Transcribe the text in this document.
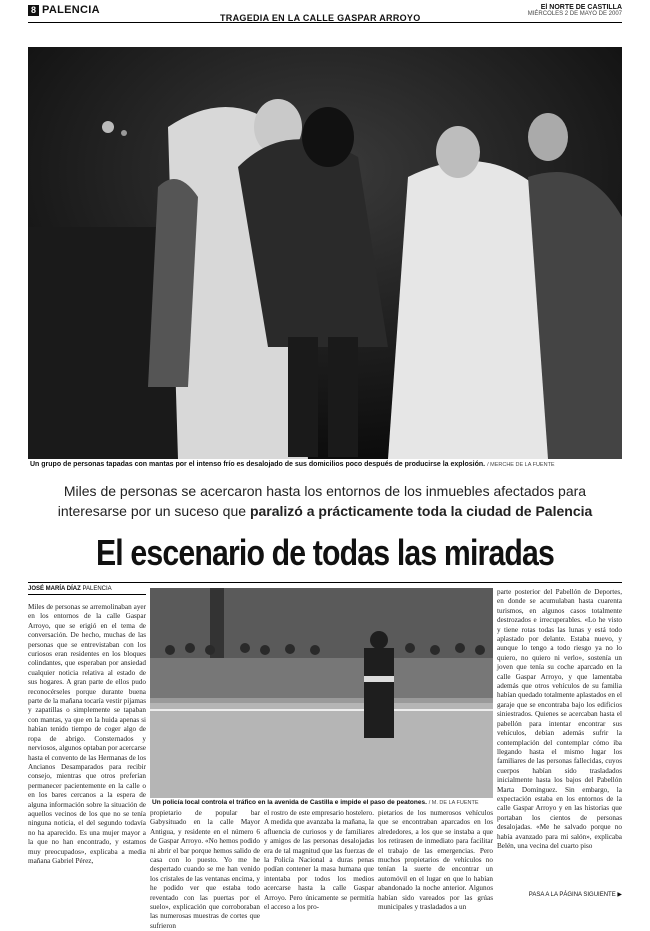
8 PALENCIA
TRAGEDIA EN LA CALLE GASPAR ARROYO
El NORTE DE CASTILLA
MIÉRCOLES 2 DE MAYO DE 2007
Un grupo de personas tapadas con mantas por el intenso frío es desalojado de sus domicilios poco después de producirse la explosión. / MERCHE DE LA FUENTE
Miles de personas se acercaron hasta los entornos de los inmuebles afectados para
interesarse por un suceso que paralizó a prácticamente toda la ciudad de Palencia
El escenario de todas las miradas
JOSÉ MARÍA DÍAZ PALENCIA
Miles de personas se arremolinaban ayer en los entornos de la calle Gaspar Arroyo, que se erigió en el tema de conversación. De hecho, muchas de las personas que se entrevistaban con los curiosos eran residentes en los bloques colindantes, que esperaban por ansiedad cualquier noticia relativa al estado de sus hogares. A gran parte de ellos pudo reconocérseles porque durante buena parte de la mañana tocaría vestir pijamas y zapatillas o simplemente se tapaban con mantas, ya que en la huida apenas si habían tenido tiempo de coger algo de ropa de abrigo. Consternados y nerviosos, algunos optaban por acercarse hasta el convento de las Hermanas de los Ancianos Desamparados para recibir consejo, mientras que otros preferían permanecer pacientemente en la calle o en los bares cercanos a la espera de alguna información sobre la situación de aquellos vecinos de los que no se tenía ninguna noticia, el del segundo todavía no ha aparecido. Es una mujer mayor a la que no han encontrado, y estamos muy preocupados», explicaba a media mañana Gabriel Pérez,
Un policía local controla el tráfico en la avenida de Castilla e impide el paso de peatones. / M. DE LA FUENTE
propietario de popular bar Gabysituado en la calle Mayor Antigua, y residente en el número 6 de Gaspar Arroyo. «No hemos podido ni abrir el bar porque hemos salido de casa con lo puesto. Yo me he despertado cuando se me han venido los cristales de las ventanas encima, y he podido ver que estaba todo reventado con las puertas por el suelo», explicación que corroboraban las numerosas muestras de cortes que sufrieron
el rostro de este empresario hostelero. A medida que avanzaba la mañana, la afluencia de curiosos y de familiares y amigos de las personas desalojadas era de tal magnitud que las fuerzas de la Policía Nacional a duras penas podían contener la masa humana que intentaba por todos los medios acercarse hasta la calle Gaspar Arroyo. Pero únicamente se permitía el acceso a los pro-
pietarios de los numerosos vehículos que se encontraban aparcados en los alrededores, a los que se instaba a que los retirasen de inmediato para facilitar el trabajo de las emergencias. Pero muchos propietarios de vehículos no tenían la suerte de encontrar un automóvil en el lugar en que lo habían abandonado la noche anterior. Algunos habían sido vareados por las grúas municipales y trasladados a un
parte posterior del Pabellón de Deportes, en donde se acumulaban hasta cuarenta turismos, en algunos casos totalmente destrozados e irrecuperables. «Lo he visto y tiene rotas todas las lunas y está todo aplastado por delante. Estaba nuevo, y aunque lo tengo a todo riesgo ya no lo quiero, no quiero ni verlo», sostenía un joven que tenía su coche aparcado en la calle Gaspar Arroyo, y que lamentaba además que otros vehículos de su familia habían quedado totalmente aplastados en el garaje que se encontraba bajo los edificios siniestrados. Quienes se acercaban hasta el pabellón para intentar encontrar sus vehículos, debían además sufrir la contemplación del contemplar cómo iba llegando hasta el mismo lugar los familiares de las personas fallecidas, cuyos cuerpos habían sido trasladados inicialmente hasta los bajos del Pabellón Marta Domínguez. Sin embargo, la expectación estaba en los entornos de la calle Gaspar Arroyo y en las historias que portaban los cientos de personas desalojadas. «Me he salvado porque no había avanzado para mi salón», explicaba Belén, una vecina del cuarto piso
PASA A LA PÁGINA SIGUIENTE ▶
